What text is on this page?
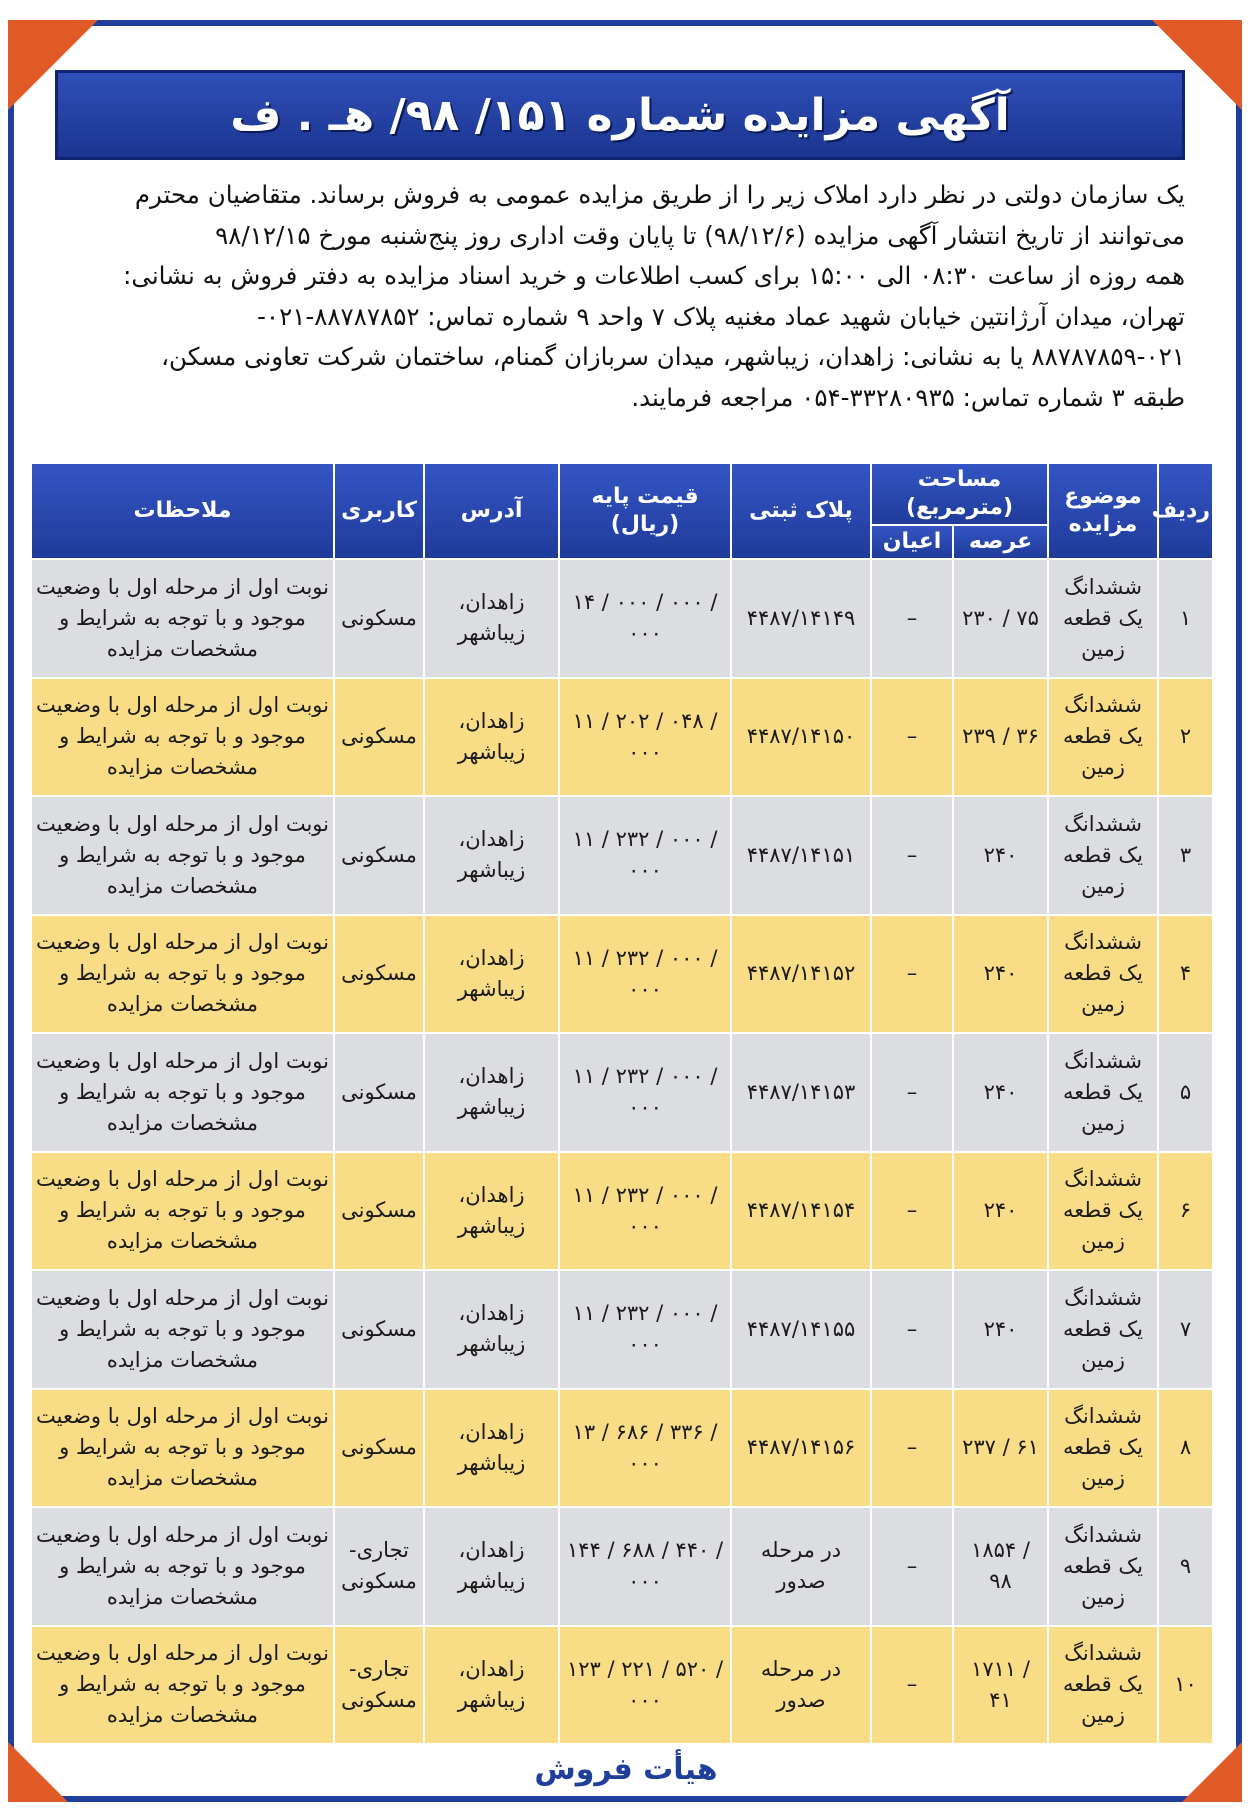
آگهی مزایده شماره ۱۵۱/ ۹۸/ هـ . ف

یک سازمان دولتی در نظر دارد املاک زیر را از طریق مزایده عمومی به فروش برساند. متقاضیان محترم

می‌توانند از تاریخ انتشار آگهی مزایده (۹۸/۱۲/۶) تا پایان وقت اداری روز پنج‌شنبه مورخ ۹۸/۱۲/۱۵

همه روزه از ساعت ۰۸:۳۰ الی ۱۵:۰۰ برای کسب اطلاعات و خرید اسناد مزایده به دفتر فروش به نشانی:

تهران، میدان آرژانتین خیابان شهید عماد مغنیه پلاک ۷ واحد ۹ شماره تماس: ۸۸۷۸۷۸۵۲-۰۲۱-

۸۸۷۸۷۸۵۹-۰۲۱ یا به نشانی: زاهدان، زیباشهر، میدان سربازان گمنام، ساختمان شرکت تعاونی مسکن،

طبقه ۳ شماره تماس: ۳۳۲۸۰۹۳۵-۰۵۴ مراجعه فرمایند.

ردیف	موضوع مزایده	مساحت (مترمربع)		پلاک ثبتی	قیمت پایه (ریال)	آدرس	کاربری	ملاحظات
		عرصه	اعیان					
۱	ششدانگ یک قطعه زمین	۲۳۰ / ۷۵	–	۴۴۸۷/۱۴۱۴۹	۱۴ / ۰۰۰ / ۰۰۰ / ۰۰۰	زاهدان، زیباشهر	مسکونی	نوبت اول از مرحله اول با وضعیت موجود و با توجه به شرایط و مشخصات مزایده
۲	ششدانگ یک قطعه زمین	۲۳۹ / ۳۶	–	۴۴۸۷/۱۴۱۵۰	۱۱ / ۲۰۲ / ۰۴۸ / ۰۰۰	زاهدان، زیباشهر	مسکونی	نوبت اول از مرحله اول با وضعیت موجود و با توجه به شرایط و مشخصات مزایده
۳	ششدانگ یک قطعه زمین	۲۴۰	–	۴۴۸۷/۱۴۱۵۱	۱۱ / ۲۳۲ / ۰۰۰ / ۰۰۰	زاهدان، زیباشهر	مسکونی	نوبت اول از مرحله اول با وضعیت موجود و با توجه به شرایط و مشخصات مزایده
۴	ششدانگ یک قطعه زمین	۲۴۰	–	۴۴۸۷/۱۴۱۵۲	۱۱ / ۲۳۲ / ۰۰۰ / ۰۰۰	زاهدان، زیباشهر	مسکونی	نوبت اول از مرحله اول با وضعیت موجود و با توجه به شرایط و مشخصات مزایده
۵	ششدانگ یک قطعه زمین	۲۴۰	–	۴۴۸۷/۱۴۱۵۳	۱۱ / ۲۳۲ / ۰۰۰ / ۰۰۰	زاهدان، زیباشهر	مسکونی	نوبت اول از مرحله اول با وضعیت موجود و با توجه به شرایط و مشخصات مزایده
۶	ششدانگ یک قطعه زمین	۲۴۰	–	۴۴۸۷/۱۴۱۵۴	۱۱ / ۲۳۲ / ۰۰۰ / ۰۰۰	زاهدان، زیباشهر	مسکونی	نوبت اول از مرحله اول با وضعیت موجود و با توجه به شرایط و مشخصات مزایده
۷	ششدانگ یک قطعه زمین	۲۴۰	–	۴۴۸۷/۱۴۱۵۵	۱۱ / ۲۳۲ / ۰۰۰ / ۰۰۰	زاهدان، زیباشهر	مسکونی	نوبت اول از مرحله اول با وضعیت موجود و با توجه به شرایط و مشخصات مزایده
۸	ششدانگ یک قطعه زمین	۲۳۷ / ۶۱	–	۴۴۸۷/۱۴۱۵۶	۱۳ / ۶۸۶ / ۳۳۶ / ۰۰۰	زاهدان، زیباشهر	مسکونی	نوبت اول از مرحله اول با وضعیت موجود و با توجه به شرایط و مشخصات مزایده
۹	ششدانگ یک قطعه زمین	۱۸۵۴ / ۹۸	–	در مرحله صدور	۱۴۴ / ۶۸۸ / ۴۴۰ / ۰۰۰	زاهدان، زیباشهر	تجاری- مسکونی	نوبت اول از مرحله اول با وضعیت موجود و با توجه به شرایط و مشخصات مزایده
۱۰	ششدانگ یک قطعه زمین	۱۷۱۱ / ۴۱	–	در مرحله صدور	۱۲۳ / ۲۲۱ / ۵۲۰ / ۰۰۰	زاهدان، زیباشهر	تجاری- مسکونی	نوبت اول از مرحله اول با وضعیت موجود و با توجه به شرایط و مشخصات مزایده
هیأت فروش
